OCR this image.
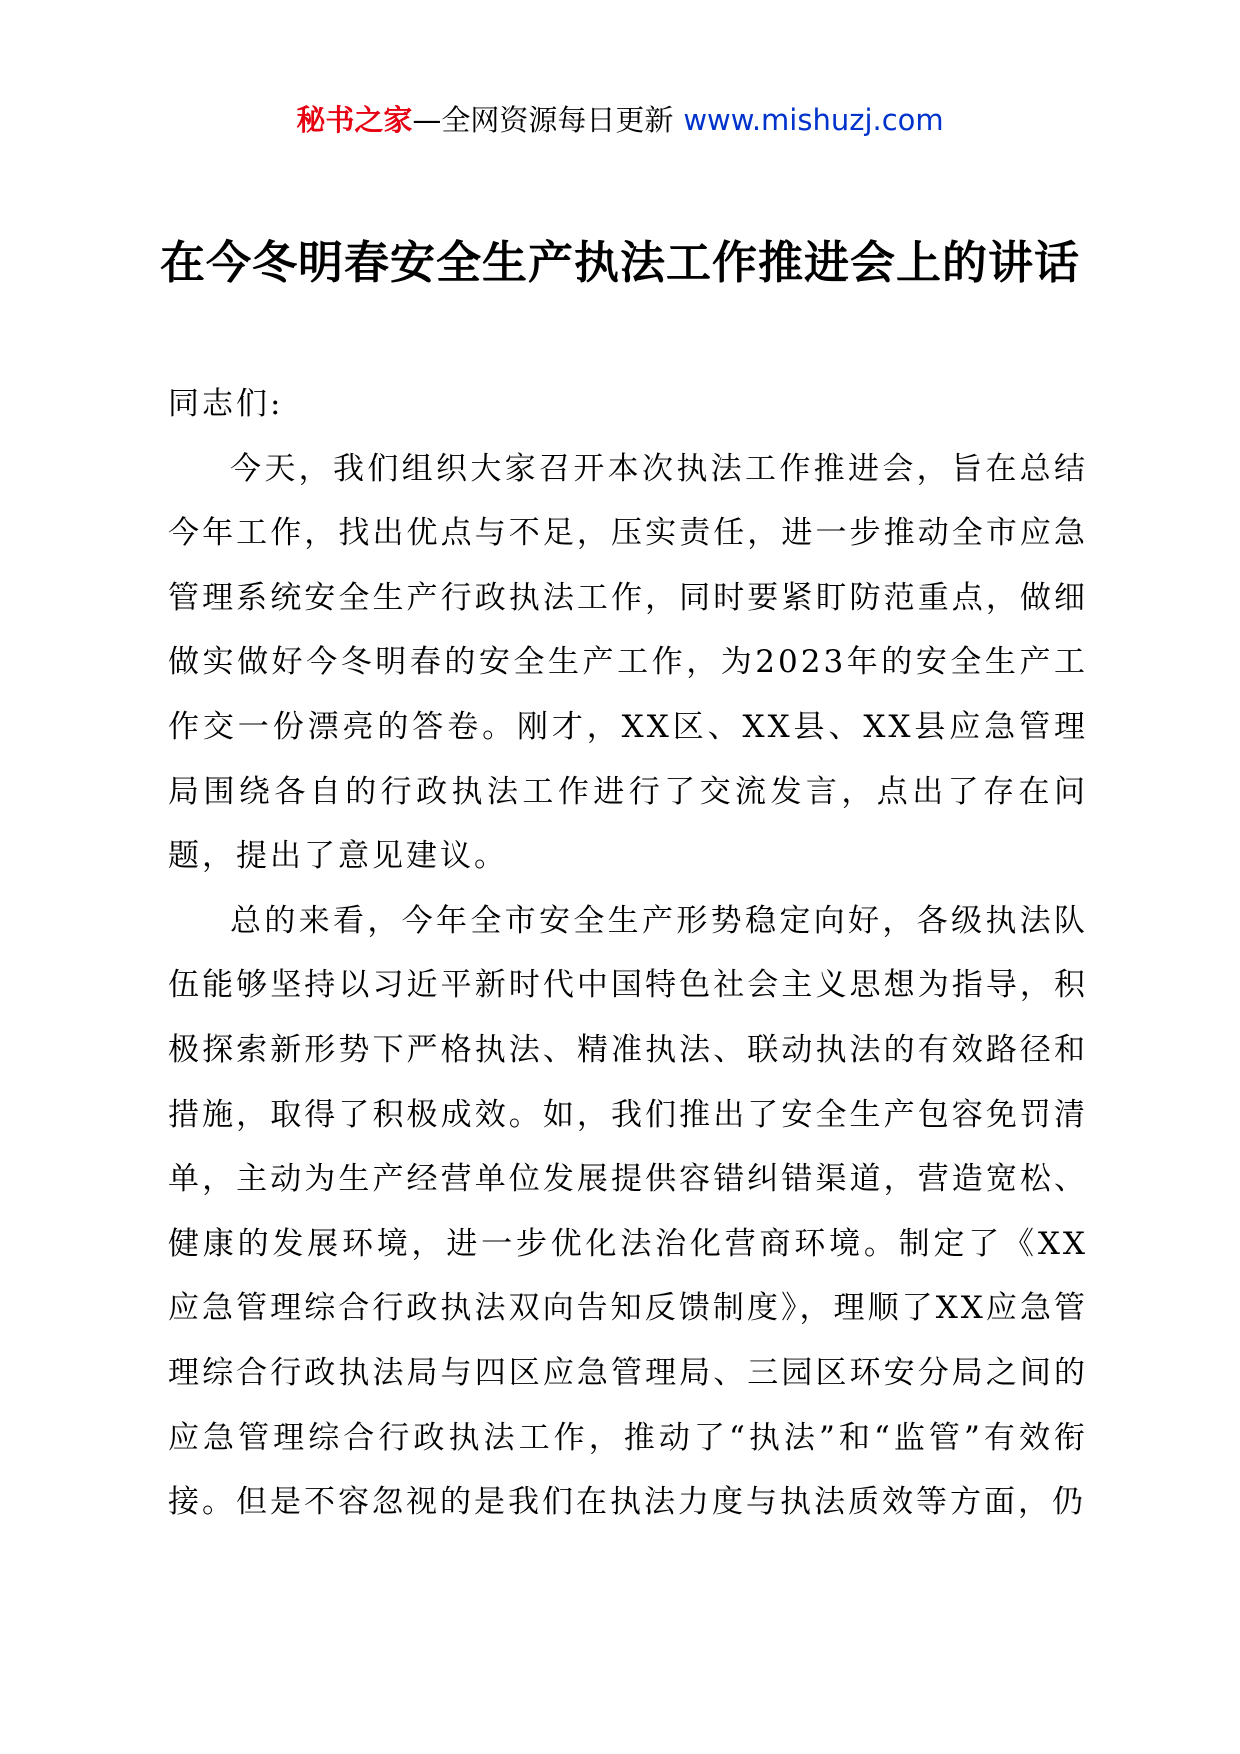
秘书之家—全网资源每日更新 www.mishuzj.com
在今冬明春安全生产执法工作推进会上的讲话

同志们:

今天，我们组织大家召开本次执法工作推进会，旨在总结今年工作，找出优点与不足，压实责任，进一步推动全市应急管理系统安全生产行政执法工作，同时要紧盯防范重点，做细做实做好今冬明春的安全生产工作，为2023年的安全生产工作交一份漂亮的答卷。刚才，XX区、XX县、XX县应急管理局围绕各自的行政执法工作进行了交流发言，点出了存在问题，提出了意见建议。

总的来看，今年全市安全生产形势稳定向好，各级执法队伍能够坚持以习近平新时代中国特色社会主义思想为指导，积极探索新形势下严格执法、精准执法、联动执法的有效路径和措施，取得了积极成效。如，我们推出了安全生产包容免罚清单，主动为生产经营单位发展提供容错纠错渠道，营造宽松、健康的发展环境，进一步优化法治化营商环境。制定了《XX应急管理综合行政执法双向告知反馈制度》，理顺了XX应急管理综合行政执法局与四区应急管理局、三园区环安分局之间的应急管理综合行政执法工作，推动了“执法”和“监管”有效衔接。但是不容忽视的是我们在执法力度与执法质效等方面，仍
